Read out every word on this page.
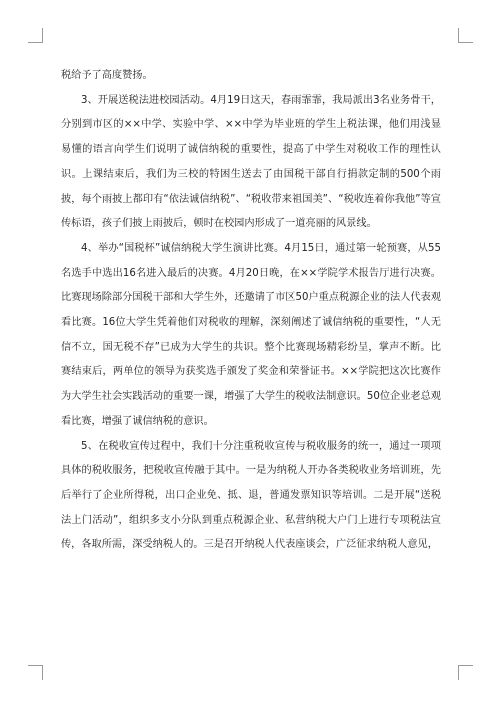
税给予了高度赞扬。

3、开展送税法进校园活动。4月19日这天，春雨霏霏，我局派出3名业务骨干，分别到市区的××中学、实验中学、××中学为毕业班的学生上税法课，他们用浅显易懂的语言向学生们说明了诚信纳税的重要性，提高了中学生对税收工作的理性认识。上课结束后，我们为三校的特困生送去了由国税干部自行捐款定制的500个雨披，每个雨披上都印有“依法诚信纳税”、“税收带来祖国美”、“税收连着你我他”等宣传标语，孩子们披上雨披后，顿时在校园内形成了一道亮丽的风景线。

4、举办“国税杯”诚信纳税大学生演讲比赛。4月15日，通过第一轮预赛，从55名选手中选出16名进入最后的决赛。4月20日晚，在××学院学术报告厅进行决赛。比赛现场除部分国税干部和大学生外，还邀请了市区50户重点税源企业的法人代表观看比赛。16位大学生凭着他们对税收的理解，深刻阐述了诚信纳税的重要性，“人无信不立，国无税不存”已成为大学生的共识。整个比赛现场精彩纷呈，掌声不断。比赛结束后，两单位的领导为获奖选手颁发了奖金和荣誉证书。××学院把这次比赛作为大学生社会实践活动的重要一课，增强了大学生的税收法制意识。50位企业老总观看比赛，增强了诚信纳税的意识。

5、在税收宣传过程中，我们十分注重税收宣传与税收服务的统一，通过一项项具体的税收服务，把税收宣传融于其中。一是为纳税人开办各类税收业务培训班，先后举行了企业所得税，出口企业免、抵、退，普通发票知识等培训。二是开展“送税法上门活动”，组织多支小分队到重点税源企业、私营纳税大户门上进行专项税法宣传，各取所需，深受纳税人的。三是召开纳税人代表座谈会，广泛征求纳税人意见，
